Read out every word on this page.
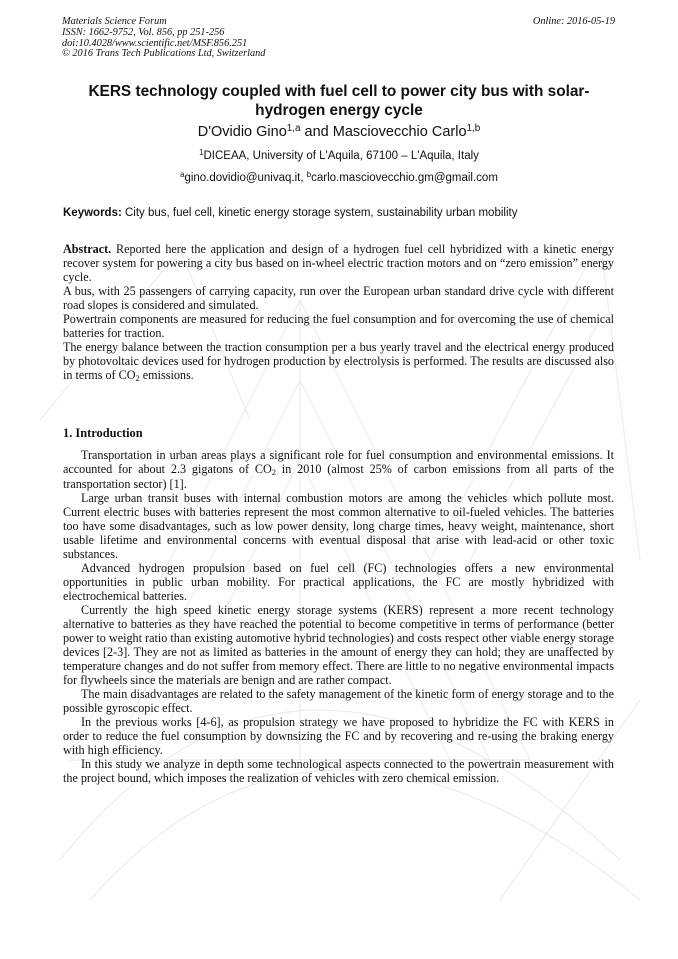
Materials Science Forum
ISSN: 1662-9752, Vol. 856, pp 251-256
doi:10.4028/www.scientific.net/MSF.856.251
© 2016 Trans Tech Publications Ltd, Switzerland
Online: 2016-05-19
KERS technology coupled with fuel cell to power city bus with solar-hydrogen energy cycle
D'Ovidio Gino$^{1,a}$ and Masciovecchio Carlo$^{1,b}$
$^1$DICEAA, University of L'Aquila, 67100 – L'Aquila, Italy
$^a$gino.dovidio@univaq.it, $^b$carlo.masciovecchio.gm@gmail.com
Keywords: City bus, fuel cell, kinetic energy storage system, sustainability urban mobility

Abstract. Reported here the application and design of a hydrogen fuel cell hybridized with a kinetic energy recover system for powering a city bus based on in-wheel electric traction motors and on “zero emission” energy cycle.

A bus, with 25 passengers of carrying capacity, run over the European urban standard drive cycle with different road slopes is considered and simulated.

Powertrain components are measured for reducing the fuel consumption and for overcoming the use of chemical batteries for traction.

The energy balance between the traction consumption per a bus yearly travel and the electrical energy produced by photovoltaic devices used for hydrogen production by electrolysis is performed. The results are discussed also in terms of $CO_2$ emissions.

1. Introduction

Transportation in urban areas plays a significant role for fuel consumption and environmental emissions. It accounted for about 2.3 gigatons of $CO_2$ in 2010 (almost 25% of carbon emissions from all parts of the transportation sector) [1].

Large urban transit buses with internal combustion motors are among the vehicles which pollute most. Current electric buses with batteries represent the most common alternative to oil-fueled vehicles. The batteries too have some disadvantages, such as low power density, long charge times, heavy weight, maintenance, short usable lifetime and environmental concerns with eventual disposal that arise with lead-acid or other toxic substances.

Advanced hydrogen propulsion based on fuel cell (FC) technologies offers a new environmental opportunities in public urban mobility. For practical applications, the FC are mostly hybridized with electrochemical batteries.

Currently the high speed kinetic energy storage systems (KERS) represent a more recent technology alternative to batteries as they have reached the potential to become competitive in terms of performance (better power to weight ratio than existing automotive hybrid technologies) and costs respect other viable energy storage devices [2-3]. They are not as limited as batteries in the amount of energy they can hold; they are unaffected by temperature changes and do not suffer from memory effect. There are little to no negative environmental impacts for flywheels since the materials are benign and are rather compact.

The main disadvantages are related to the safety management of the kinetic form of energy storage and to the possible gyroscopic effect.

In the previous works [4-6], as propulsion strategy we have proposed to hybridize the FC with KERS in order to reduce the fuel consumption by downsizing the FC and by recovering and re-using the braking energy with high efficiency.

In this study we analyze in depth some technological aspects connected to the powertrain measurement with the project bound, which imposes the realization of vehicles with zero chemical emission.
